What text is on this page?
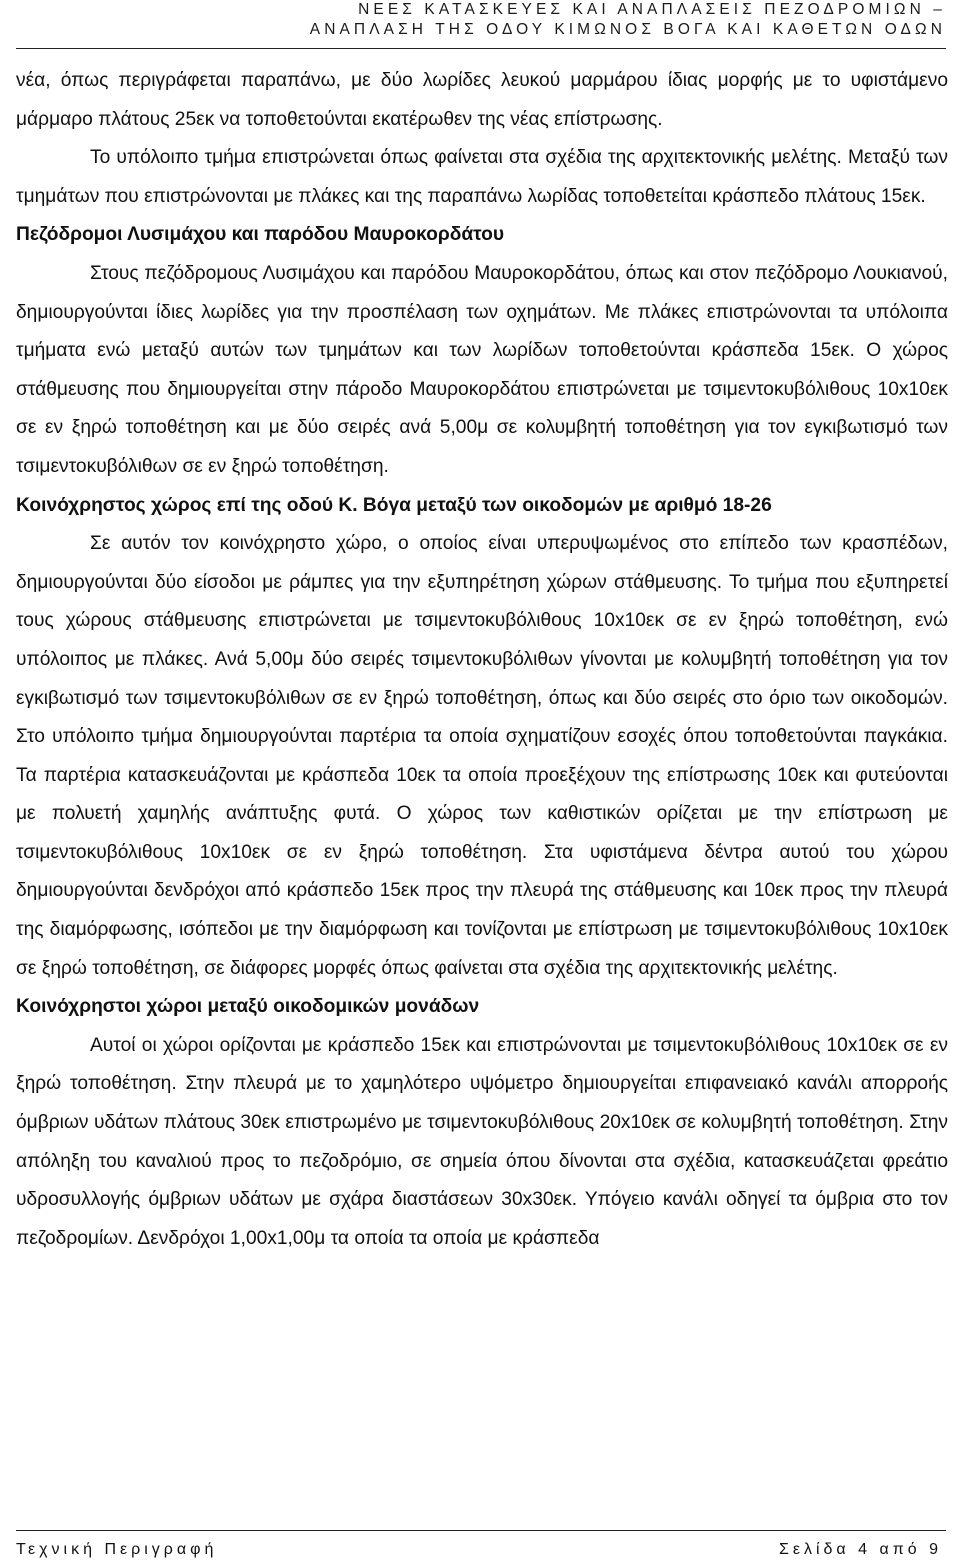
ΝΕΕΣ ΚΑΤΑΣΚΕΥΕΣ ΚΑΙ ΑΝΑΠΛΑΣΕΙΣ ΠΕΖΟΔΡΟΜΙΩΝ –
ΑΝΑΠΛΑΣΗ ΤΗΣ ΟΔΟΥ ΚΙΜΩΝΟΣ ΒΟΓΑ ΚΑΙ ΚΑΘΕΤΩΝ ΟΔΩΝ

νέα, όπως περιγράφεται παραπάνω, με δύο λωρίδες λευκού μαρμάρου ίδιας μορφής με το υφιστάμενο μάρμαρο πλάτους 25εκ να τοποθετούνται εκατέρωθεν της νέας επίστρωσης.

Το υπόλοιπο τμήμα επιστρώνεται όπως φαίνεται στα σχέδια της αρχιτεκτονικής μελέτης. Μεταξύ των τμημάτων που επιστρώνονται με πλάκες και της παραπάνω λωρίδας τοποθετείται κράσπεδο πλάτους 15εκ.

Πεζόδρομοι Λυσιμάχου και παρόδου Μαυροκορδάτου

Στους πεζόδρομους Λυσιμάχου και παρόδου Μαυροκορδάτου, όπως και στον πεζόδρομο Λουκιανού, δημιουργούνται ίδιες λωρίδες για την προσπέλαση των οχημάτων. Με πλάκες επιστρώνονται τα υπόλοιπα τμήματα ενώ μεταξύ αυτών των τμημάτων και των λωρίδων τοποθετούνται κράσπεδα 15εκ. Ο χώρος στάθμευσης που δημιουργείται στην πάροδο Μαυροκορδάτου επιστρώνεται με τσιμεντοκυβόλιθους 10x10εκ σε εν ξηρώ τοποθέτηση και με δύο σειρές ανά 5,00μ σε κολυμβητή τοποθέτηση για τον εγκιβωτισμό των τσιμεντοκυβόλιθων σε εν ξηρώ τοποθέτηση.

Κοινόχρηστος χώρος επί της οδού Κ. Βόγα μεταξύ των οικοδομών με αριθμό 18-26

Σε αυτόν τον κοινόχρηστο χώρο, ο οποίος είναι υπερυψωμένος στο επίπεδο των κρασπέδων, δημιουργούνται δύο είσοδοι με ράμπες για την εξυπηρέτηση χώρων στάθμευσης. Το τμήμα που εξυπηρετεί τους χώρους στάθμευσης επιστρώνεται με τσιμεντοκυβόλιθους 10x10εκ σε εν ξηρώ τοποθέτηση, ενώ υπόλοιπος με πλάκες. Ανά 5,00μ δύο σειρές τσιμεντοκυβόλιθων γίνονται με κολυμβητή τοποθέτηση για τον εγκιβωτισμό των τσιμεντοκυβόλιθων σε εν ξηρώ τοποθέτηση, όπως και δύο σειρές στο όριο των οικοδομών. Στο υπόλοιπο τμήμα δημιουργούνται παρτέρια τα οποία σχηματίζουν εσοχές όπου τοποθετούνται παγκάκια. Τα παρτέρια κατασκευάζονται με κράσπεδα 10εκ τα οποία προεξέχουν της επίστρωσης 10εκ και φυτεύονται με πολυετή χαμηλής ανάπτυξης φυτά. Ο χώρος των καθιστικών ορίζεται με την επίστρωση με τσιμεντοκυβόλιθους 10x10εκ σε εν ξηρώ τοποθέτηση. Στα υφιστάμενα δέντρα αυτού του χώρου δημιουργούνται δενδρόχοι από κράσπεδο 15εκ προς την πλευρά της στάθμευσης και 10εκ προς την πλευρά της διαμόρφωσης, ισόπεδοι με την διαμόρφωση και τονίζονται με επίστρωση με τσιμεντοκυβόλιθους 10x10εκ σε ξηρώ τοποθέτηση, σε διάφορες μορφές όπως φαίνεται στα σχέδια της αρχιτεκτονικής μελέτης.

Κοινόχρηστοι χώροι μεταξύ οικοδομικών μονάδων

Αυτοί οι χώροι ορίζονται με κράσπεδο 15εκ και επιστρώνονται με τσιμεντοκυβόλιθους 10x10εκ σε εν ξηρώ τοποθέτηση. Στην πλευρά με το χαμηλότερο υψόμετρο δημιουργείται επιφανειακό κανάλι απορροής όμβριων υδάτων πλάτους 30εκ επιστρωμένο με τσιμεντοκυβόλιθους 20x10εκ σε κολυμβητή τοποθέτηση. Στην απόληξη του καναλιού προς το πεζοδρόμιο, σε σημεία όπου δίνονται στα σχέδια, κατασκευάζεται φρεάτιο υδροσυλλογής όμβριων υδάτων με σχάρα διαστάσεων 30x30εκ. Υπόγειο κανάλι οδηγεί τα όμβρια στο τον πεζοδρομίων. Δενδρόχοι 1,00x1,00μ τα οποία τα οποία με κράσπεδα

Τεχνική Περιγραφή	Σελίδα 4 από 9
